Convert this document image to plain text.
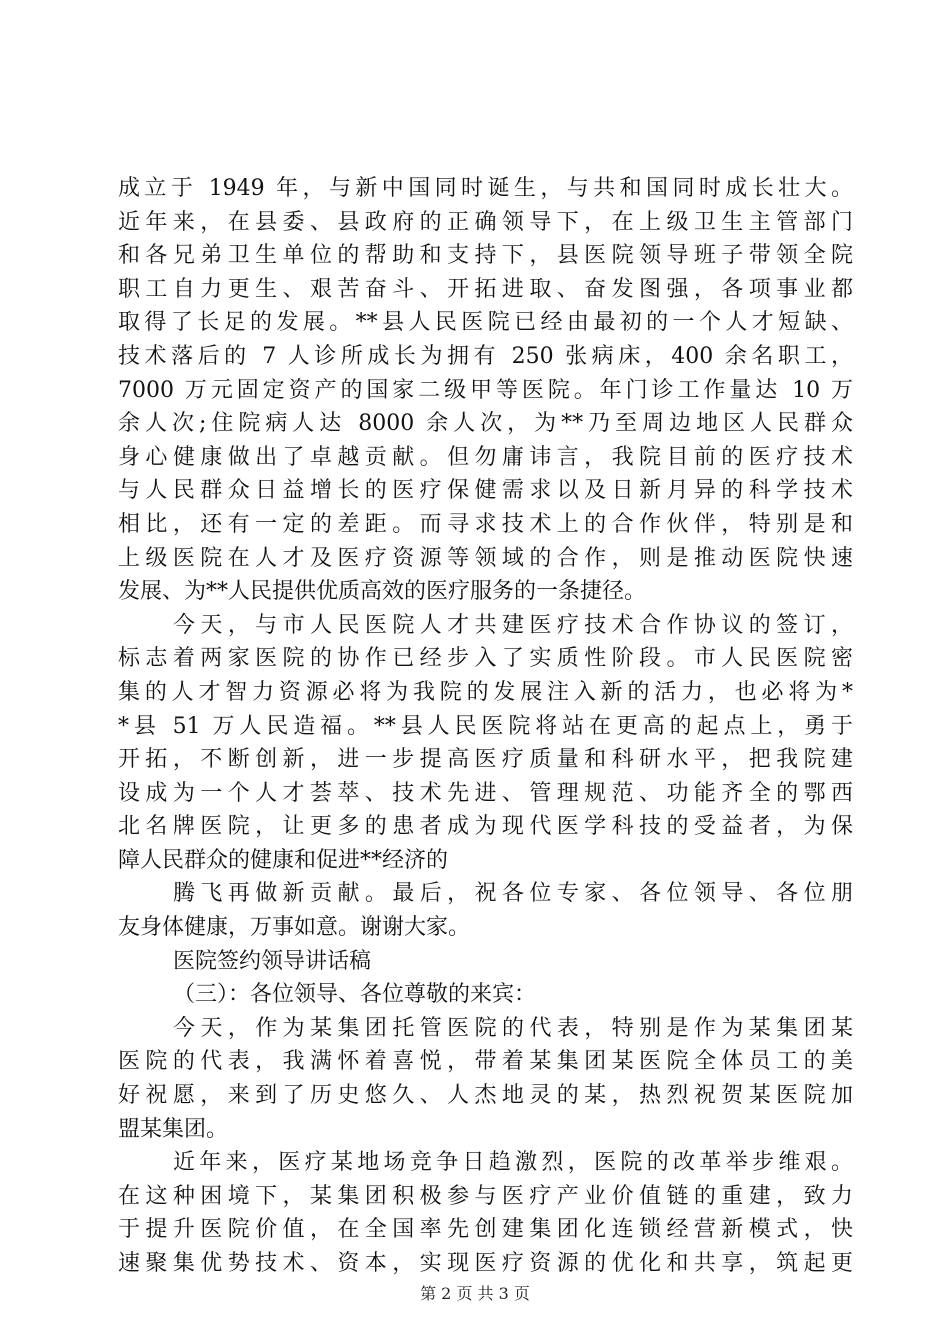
成立于 1949 年，与新中国同时诞生，与共和国同时成长壮大。
近年来，在县委、县政府的正确领导下，在上级卫生主管部门
和各兄弟卫生单位的帮助和支持下，县医院领导班子带领全院
职工自力更生、艰苦奋斗、开拓进取、奋发图强，各项事业都
取得了长足的发展。**县人民医院已经由最初的一个人才短缺、
技术落后的 7 人诊所成长为拥有 250 张病床，400 余名职工，
7000 万元固定资产的国家二级甲等医院。年门诊工作量达 10 万
余人次;住院病人达 8000 余人次，为**乃至周边地区人民群众
身心健康做出了卓越贡献。但勿庸讳言，我院目前的医疗技术
与人民群众日益增长的医疗保健需求以及日新月异的科学技术
相比，还有一定的差距。而寻求技术上的合作伙伴，特别是和
上级医院在人才及医疗资源等领域的合作，则是推动医院快速
发展、为**人民提供优质高效的医疗服务的一条捷径。
今天，与市人民医院人才共建医疗技术合作协议的签订，
标志着两家医院的协作已经步入了实质性阶段。市人民医院密
集的人才智力资源必将为我院的发展注入新的活力，也必将为*
*县 51 万人民造福。**县人民医院将站在更高的起点上，勇于
开拓，不断创新，进一步提高医疗质量和科研水平，把我院建
设成为一个人才荟萃、技术先进、管理规范、功能齐全的鄂西
北名牌医院，让更多的患者成为现代医学科技的受益者，为保
障人民群众的健康和促进**经济的
腾飞再做新贡献。最后，祝各位专家、各位领导、各位朋
友身体健康，万事如意。谢谢大家。
医院签约领导讲话稿
（三）：各位领导、各位尊敬的来宾：
今天，作为某集团托管医院的代表，特别是作为某集团某
医院的代表，我满怀着喜悦，带着某集团某医院全体员工的美
好祝愿，来到了历史悠久、人杰地灵的某，热烈祝贺某医院加
盟某集团。
近年来，医疗某地场竞争日趋激烈，医院的改革举步维艰。
在这种困境下，某集团积极参与医疗产业价值链的重建，致力
于提升医院价值，在全国率先创建集团化连锁经营新模式，快
速聚集优势技术、资本，实现医疗资源的优化和共享，筑起更
第 2 页 共 3 页
